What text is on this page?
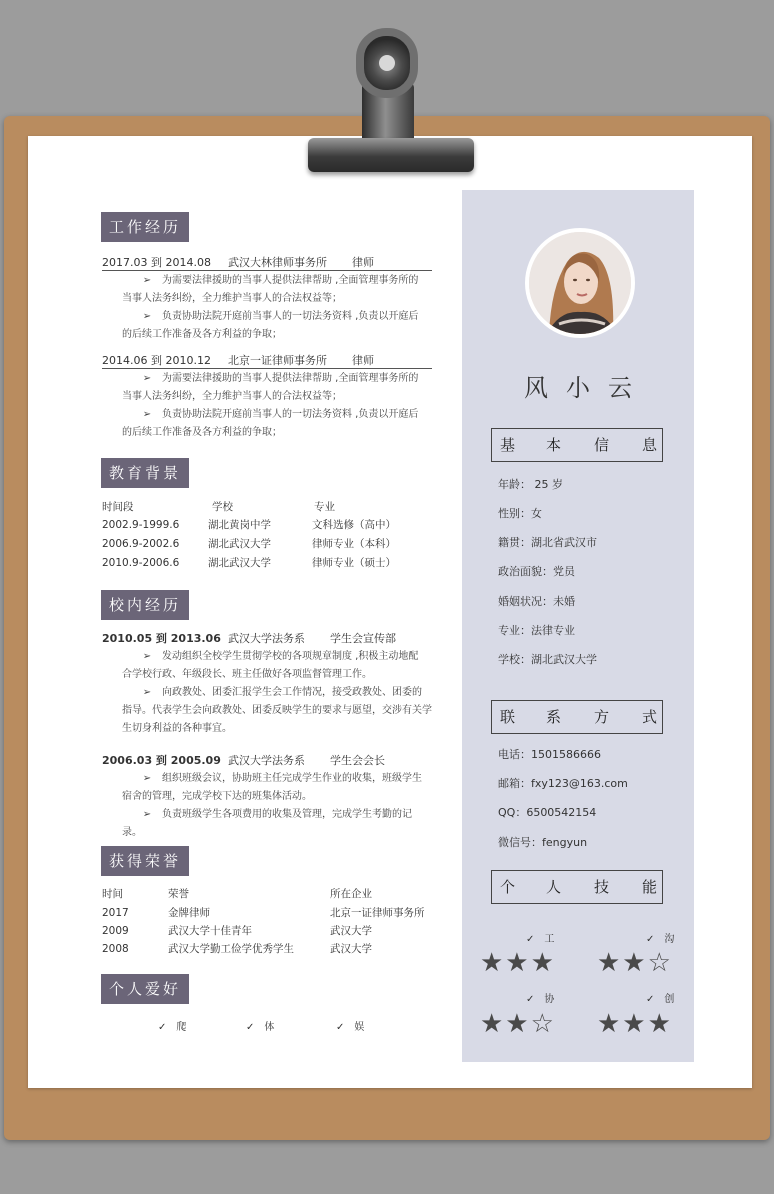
工作经历
2017.03 到 2014.08 武汉大林律师事务所 律师
➢ 为需要法律援助的当事人提供法律帮助 ,全面管理事务所的
当事人法务纠纷，全力维护当事人的合法权益等；
➢ 负责协助法院开庭前当事人的一切法务资料 ,负责以开庭后
的后续工作准备及各方利益的争取；
2014.06 到 2010.12 北京一证律师事务所 律师
➢ 为需要法律援助的当事人提供法律帮助 ,全面管理事务所的
当事人法务纠纷，全力维护当事人的合法权益等；
➢ 负责协助法院开庭前当事人的一切法务资料 ,负责以开庭后
的后续工作准备及各方利益的争取；
教育背景
时间段	学校	专业
2002.9-1999.6	湖北黄岗中学	文科选修（高中）
2006.9-2002.6	湖北武汉大学	律师专业（本科）
2010.9-2006.6	湖北武汉大学	律师专业（硕士）
校内经历
2010.05 到 2013.06 武汉大学法务系 学生会宣传部
➢ 发动组织全校学生贯彻学校的各项规章制度 ,积极主动地配
合学校行政、年级段长、班主任做好各项监督管理工作。
➢ 向政教处、团委汇报学生会工作情况，接受政教处、团委的
指导。代表学生会向政教处、团委反映学生的要求与愿望，交涉有关学生切身利益的各种事宜。
2006.03 到 2005.09 武汉大学法务系 学生会会长
➢ 组织班级会议，协助班主任完成学生作业的收集，班级学生
宿舍的管理，完成学校下达的班集体活动。
➢ 负责班级学生各项费用的收集及管理，完成学生考勤的记
录。
获得荣誉
时间	荣誉	所在企业
2017	金牌律师	北京一证律师事务所
2009	武汉大学十佳青年	武汉大学
2008	武汉大学勤工俭学优秀学生	武汉大学
个人爱好
✓　爬	✓　体	✓　娱
风小云
基 本 信 息
年龄： 25 岁
性别：女
籍贯：湖北省武汉市
政治面貌：党员
婚姻状况：未婚
专业：法律专业
学校：湖北武汉大学
联 系 方 式
电话：1501586666
邮箱：fxy123@163.com
QQ：6500542154
微信号：fengyun
个 人 技 能
✓　工
★★★
✓　沟
★★☆
✓　协
★★☆
✓　创
★★★
